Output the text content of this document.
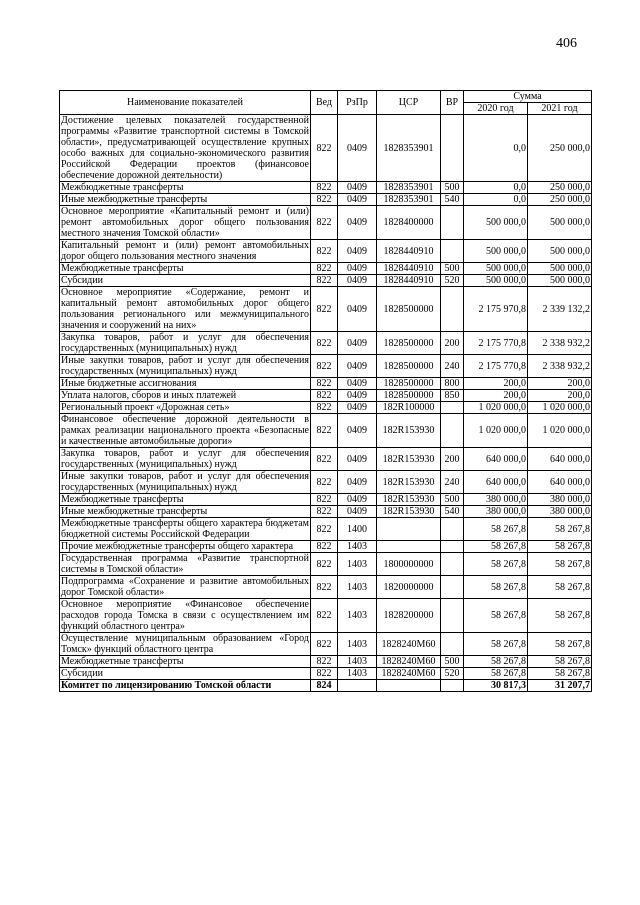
406
Наименование показателей	Вед	РзПр	ЦСР	ВР	Сумма	
					2020 год	2021 год
Достижение целевых показателей государственной программы «Развитие транспортной системы в Томской области», предусматривающей осуществление крупных особо важных для социально-экономического развития Российской Федерации проектов (финансовое обеспечение дорожной деятельности)	822	0409	1828353901		0,0	250 000,0
Межбюджетные трансферты	822	0409	1828353901	500	0,0	250 000,0
Иные межбюджетные трансферты	822	0409	1828353901	540	0,0	250 000,0
Основное мероприятие «Капитальный ремонт и (или) ремонт автомобильных дорог общего пользования местного значения Томской области»	822	0409	1828400000		500 000,0	500 000,0
Капитальный ремонт и (или) ремонт автомобильных дорог общего пользования местного значения	822	0409	1828440910		500 000,0	500 000,0
Межбюджетные трансферты	822	0409	1828440910	500	500 000,0	500 000,0
Субсидии	822	0409	1828440910	520	500 000,0	500 000,0
Основное мероприятие «Содержание, ремонт и капитальный ремонт автомобильных дорог общего пользования регионального или межмуниципального значения и сооружений на них»	822	0409	1828500000		2 175 970,8	2 339 132,2
Закупка товаров, работ и услуг для обеспечения государственных (муниципальных) нужд	822	0409	1828500000	200	2 175 770,8	2 338 932,2
Иные закупки товаров, работ и услуг для обеспечения государственных (муниципальных) нужд	822	0409	1828500000	240	2 175 770,8	2 338 932,2
Иные бюджетные ассигнования	822	0409	1828500000	800	200,0	200,0
Уплата налогов, сборов и иных платежей	822	0409	1828500000	850	200,0	200,0
Региональный проект «Дорожная сеть»	822	0409	182R100000		1 020 000,0	1 020 000,0
Финансовое обеспечение дорожной деятельности в рамках реализации национального проекта «Безопасные и качественные автомобильные дороги»	822	0409	182R153930		1 020 000,0	1 020 000,0
Закупка товаров, работ и услуг для обеспечения государственных (муниципальных) нужд	822	0409	182R153930	200	640 000,0	640 000,0
Иные закупки товаров, работ и услуг для обеспечения государственных (муниципальных) нужд	822	0409	182R153930	240	640 000,0	640 000,0
Межбюджетные трансферты	822	0409	182R153930	500	380 000,0	380 000,0
Иные межбюджетные трансферты	822	0409	182R153930	540	380 000,0	380 000,0
Межбюджетные трансферты общего характера бюджетам бюджетной системы Российской Федерации	822	1400			58 267,8	58 267,8
Прочие межбюджетные трансферты общего характера	822	1403			58 267,8	58 267,8
Государственная программа «Развитие транспортной системы в Томской области»	822	1403	1800000000		58 267,8	58 267,8
Подпрограмма «Сохранение и развитие автомобильных дорог Томской области»	822	1403	1820000000		58 267,8	58 267,8
Основное мероприятие «Финансовое обеспечение расходов города Томска в связи с осуществлением им функций областного центра»	822	1403	1828200000		58 267,8	58 267,8
Осуществление муниципальным образованием «Город Томск» функций областного центра	822	1403	1828240M60		58 267,8	58 267,8
Межбюджетные трансферты	822	1403	1828240M60	500	58 267,8	58 267,8
Субсидии	822	1403	1828240M60	520	58 267,8	58 267,8
Комитет по лицензированию Томской области	824				30 817,3	31 207,7
